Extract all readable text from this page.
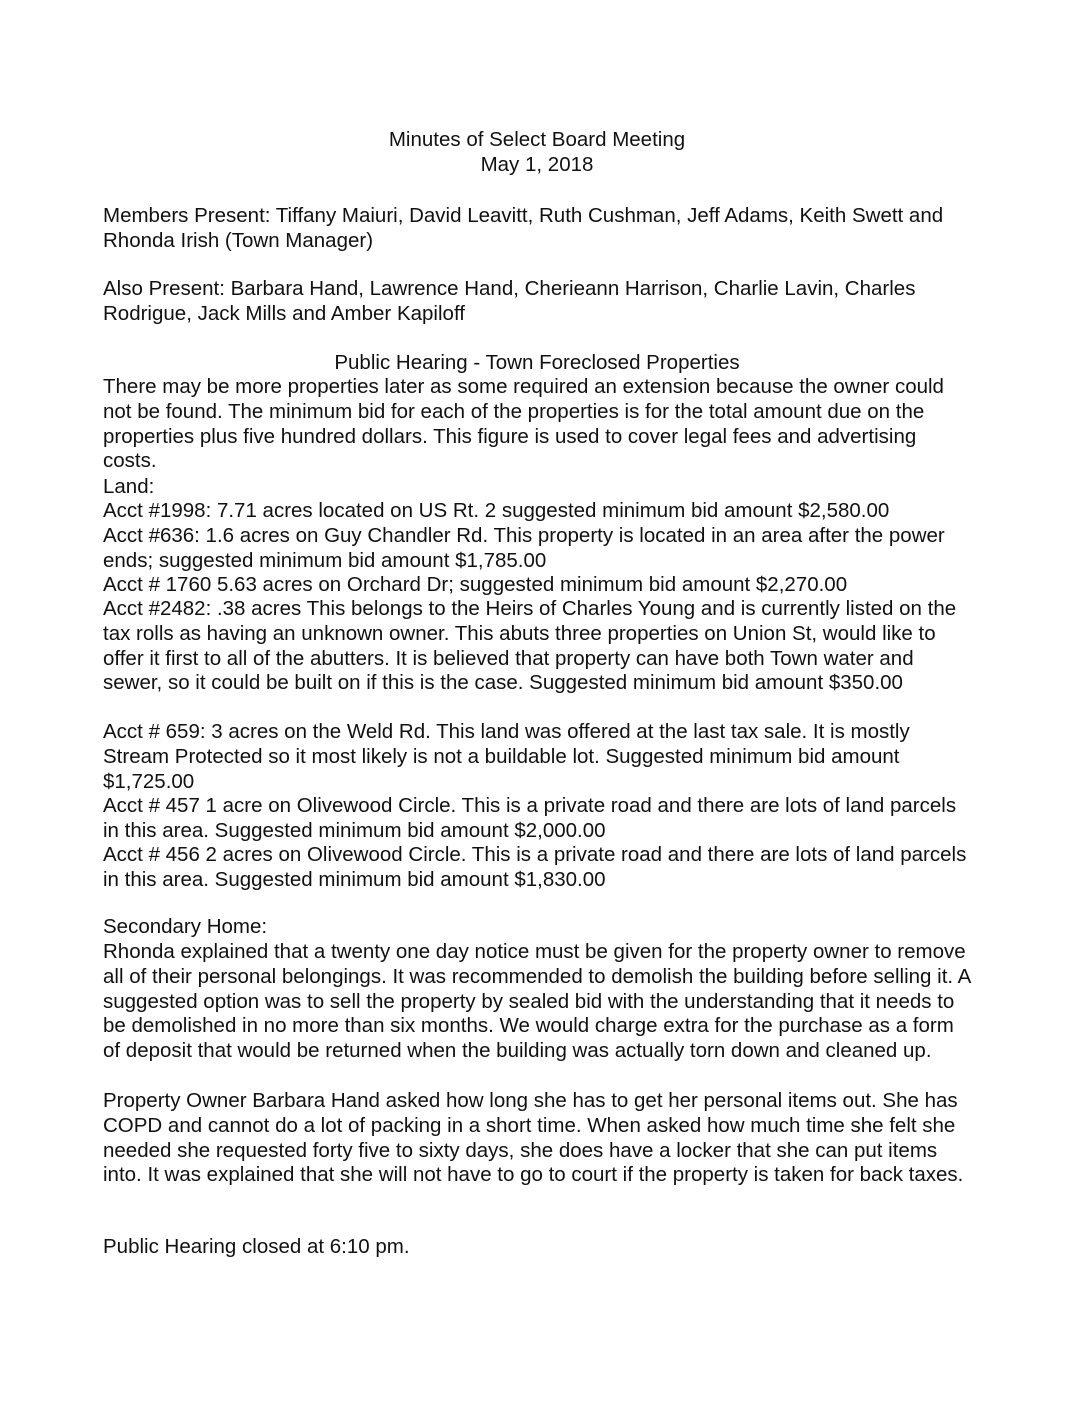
Minutes of Select Board Meeting

May 1, 2018

Members Present: Tiffany Maiuri, David Leavitt, Ruth Cushman, Jeff Adams, Keith Swett and Rhonda Irish (Town Manager)

Also Present: Barbara Hand, Lawrence Hand, Cherieann Harrison, Charlie Lavin, Charles Rodrigue, Jack Mills and Amber Kapiloff

Public Hearing - Town Foreclosed Properties

There may be more properties later as some required an extension because the owner could not be found. The minimum bid for each of the properties is for the total amount due on the properties plus five hundred dollars. This figure is used to cover legal fees and advertising costs.

Land:

Acct #1998: 7.71 acres located on US Rt. 2 suggested minimum bid amount $2,580.00

Acct #636: 1.6 acres on Guy Chandler Rd. This property is located in an area after the power ends; suggested minimum bid amount $1,785.00

Acct # 1760 5.63 acres on Orchard Dr; suggested minimum bid amount $2,270.00

Acct #2482: .38 acres This belongs to the Heirs of Charles Young and is currently listed on the tax rolls as having an unknown owner. This abuts three properties on Union St, would like to offer it first to all of the abutters. It is believed that property can have both Town water and sewer, so it could be built on if this is the case. Suggested minimum bid amount $350.00

Acct # 659: 3 acres on the Weld Rd. This land was offered at the last tax sale. It is mostly Stream Protected so it most likely is not a buildable lot. Suggested minimum bid amount $1,725.00

Acct # 457 1 acre on Olivewood Circle. This is a private road and there are lots of land parcels in this area. Suggested minimum bid amount $2,000.00

Acct # 456 2 acres on Olivewood Circle. This is a private road and there are lots of land parcels in this area. Suggested minimum bid amount $1,830.00

Secondary Home:

Rhonda explained that a twenty one day notice must be given for the property owner to remove all of their personal belongings. It was recommended to demolish the building before selling it. A suggested option was to sell the property by sealed bid with the understanding that it needs to be demolished in no more than six months. We would charge extra for the purchase as a form of deposit that would be returned when the building was actually torn down and cleaned up.

Property Owner Barbara Hand asked how long she has to get her personal items out. She has COPD and cannot do a lot of packing in a short time. When asked how much time she felt she needed she requested forty five to sixty days, she does have a locker that she can put items into. It was explained that she will not have to go to court if the property is taken for back taxes.

Public Hearing closed at 6:10 pm.
